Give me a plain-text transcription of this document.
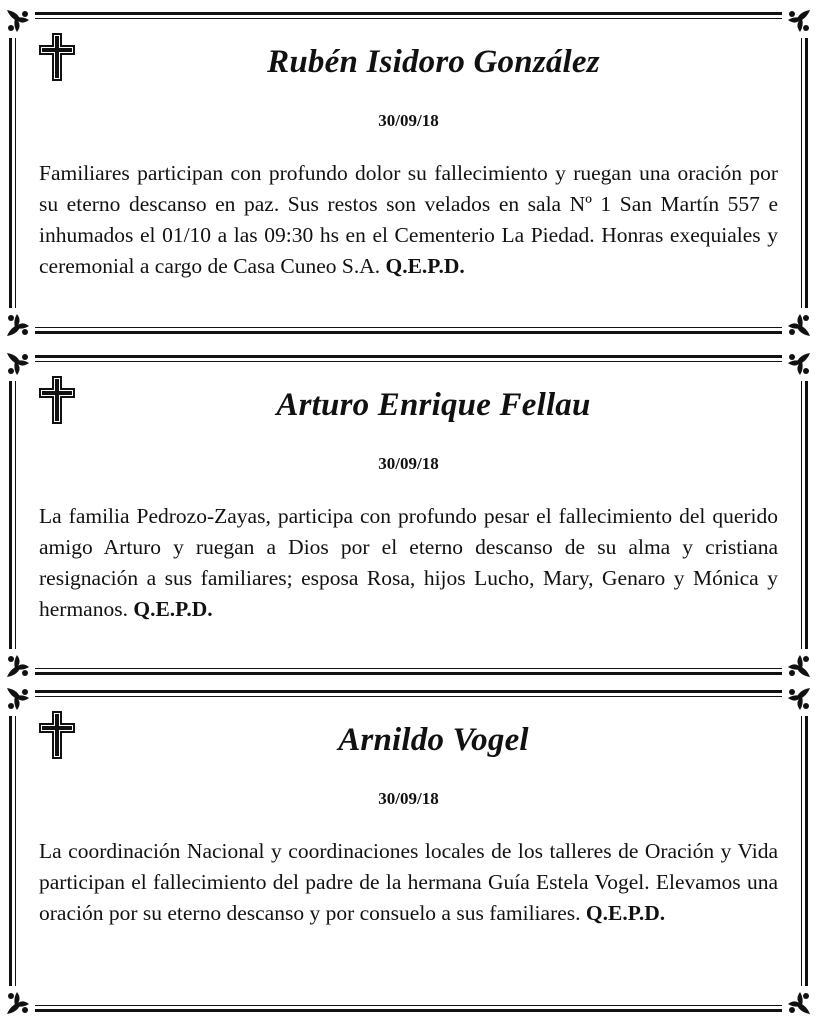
Rubén Isidoro González
30/09/18
Familiares participan con profundo dolor su fallecimiento y ruegan una oración por su eterno descanso en paz. Sus restos son velados en sala Nº 1 San Martín 557 e inhumados el 01/10 a las 09:30 hs en el Cementerio La Piedad. Honras exequiales y ceremonial a cargo de Casa Cuneo S.A. Q.E.P.D.
Arturo Enrique Fellau
30/09/18
La familia Pedrozo-Zayas, participa con profundo pesar el fallecimiento del querido amigo Arturo y ruegan a Dios por el eterno descanso de su alma y cristiana resignación a sus familiares; esposa Rosa, hijos Lucho, Mary, Genaro y Mónica y hermanos. Q.E.P.D.
Arnildo Vogel
30/09/18
La coordinación Nacional y coordinaciones locales de los talleres de Oración y Vida participan el fallecimiento del padre de la hermana Guía Estela Vogel. Elevamos una oración por su eterno descanso y por consuelo a sus familiares. Q.E.P.D.
